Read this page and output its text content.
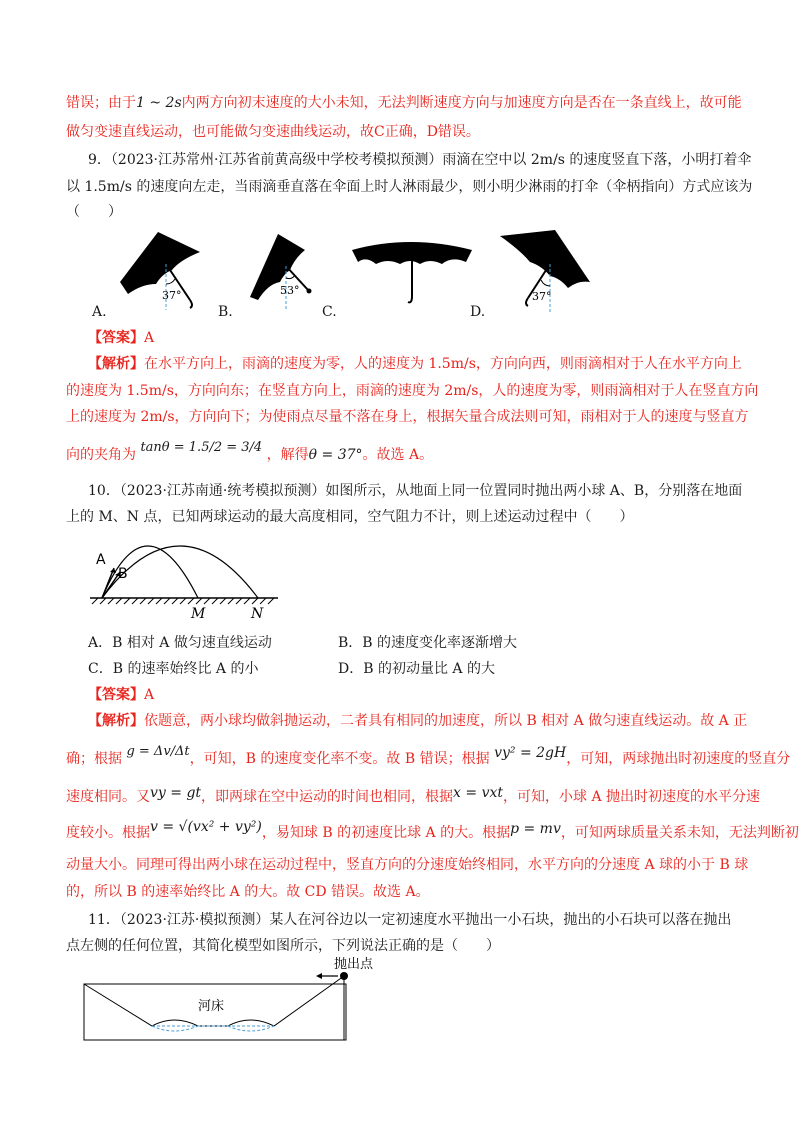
错误；由于1 ~ 2s内两方向初末速度的大小未知，无法判断速度方向与加速度方向是否在一条直线上，故可能
做匀变速直线运动，也可能做匀变速曲线运动，故C正确，D错误。
9．（2023·江苏常州·江苏省前黄高级中学校考模拟预测）雨滴在空中以 2m/s 的速度竖直下落，小明打着伞
以 1.5m/s 的速度向左走，当雨滴垂直落在伞面上时人淋雨最少，则小明少淋雨的打伞（伞柄指向）方式应该为
（　　）
37°	53°	37°
A.	B.	C.	D.
【答案】A
【解析】在水平方向上，雨滴的速度为零，人的速度为 1.5m/s，方向向西，则雨滴相对于人在水平方向上
的速度为 1.5m/s，方向向东；在竖直方向上，雨滴的速度为 2m/s，人的速度为零，则雨滴相对于人在竖直方向
上的速度为 2m/s，方向向下；为使雨点尽量不落在身上，根据矢量合成法则可知，雨相对于人的速度与竖直方
向的夹角为 tanθ = 1.5/2 = 3/4 ，解得θ = 37°。故选 A。
10．（2023·江苏南通·统考模拟预测）如图所示，从地面上同一位置同时抛出两小球 A、B，分别落在地面
上的 M、N 点，已知两球运动的最大高度相同，空气阻力不计，则上述运动过程中（　　）
A
B
M	N
A．B 相对 A 做匀速直线运动	B．B 的速度变化率逐渐增大
C．B 的速率始终比 A 的小	D．B 的初动量比 A 的大
【答案】A
【解析】依题意，两小球均做斜抛运动，二者具有相同的加速度，所以 B 相对 A 做匀速直线运动。故 A 正
确；根据 g = Δv/Δt，可知，B 的速度变化率不变。故 B 错误；根据 vy² = 2gH，可知，两球抛出时初速度的竖直分
速度相同。又vy = gt，即两球在空中运动的时间也相同，根据x = vxt，可知，小球 A 抛出时初速度的水平分速
度较小。根据v = √(vx² + vy²)，易知球 B 的初速度比球 A 的大。根据p = mv，可知两球质量关系未知，无法判断初
动量大小。同理可得出两小球在运动过程中，竖直方向的分速度始终相同，水平方向的分速度 A 球的小于 B 球
的，所以 B 的速率始终比 A 的大。故 CD 错误。故选 A。
11．（2023·江苏·模拟预测）某人在河谷边以一定初速度水平抛出一小石块，抛出的小石块可以落在抛出
点左侧的任何位置，其简化模型如图所示，下列说法正确的是（　　）
抛出点
河床
